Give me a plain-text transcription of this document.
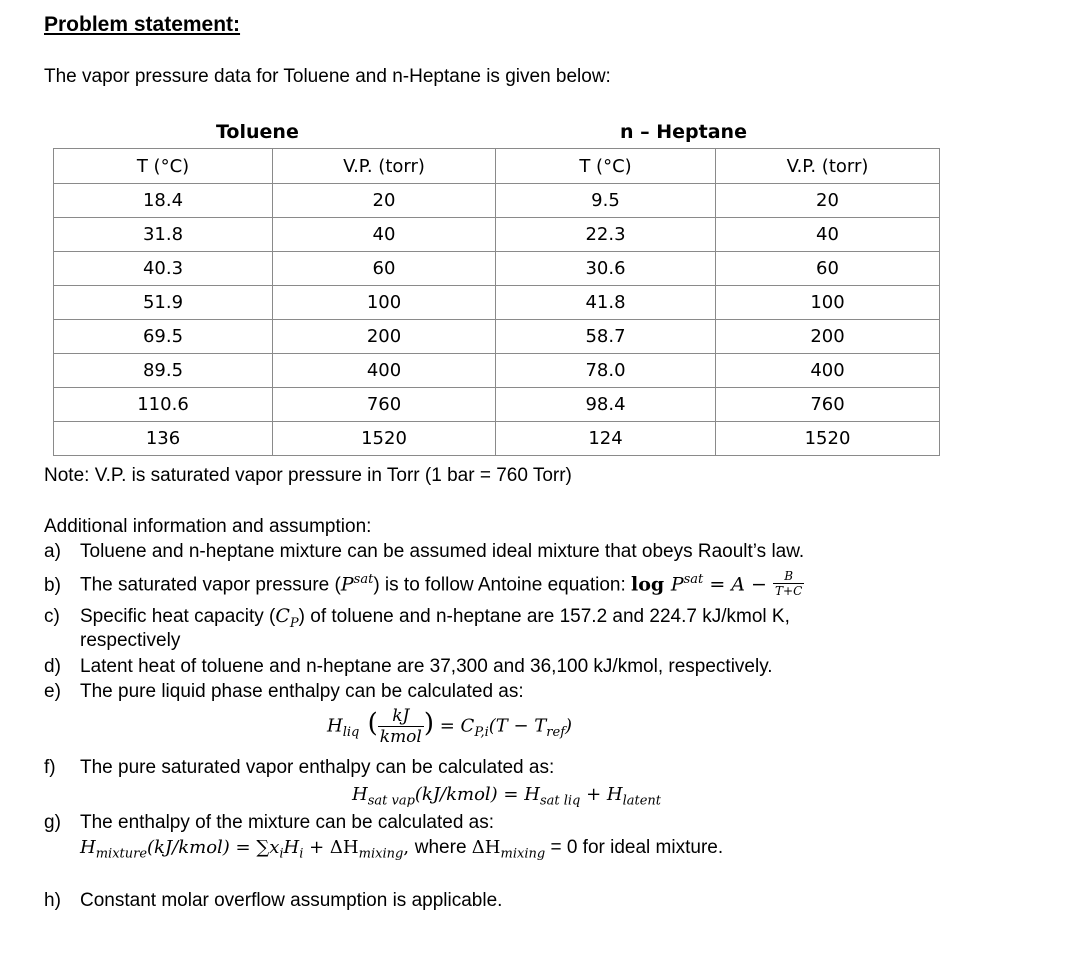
Problem statement:
The vapor pressure data for Toluene and n-Heptane is given below:
Toluene	n – Heptane
T (°C)	V.P. (torr)	T (°C)	V.P. (torr)
18.4	20	9.5	20
31.8	40	22.3	40
40.3	60	30.6	60
51.9	100	41.8	100
69.5	200	58.7	200
89.5	400	78.0	400
110.6	760	98.4	760
136	1520	124	1520
Note: V.P. is saturated vapor pressure in Torr (1 bar = 760 Torr)
Additional information and assumption:
a) Toluene and n-heptane mixture can be assumed ideal mixture that obeys Raoult’s law.
b) The saturated vapor pressure $(P^{sat})$ is to follow Antoine equation: $\log P^{sat} = A - \frac{B}{T+C}$
c) Specific heat capacity $(C_P)$ of toluene and n-heptane are 157.2 and 224.7 kJ/kmol K,
respectively
d) Latent heat of toluene and n-heptane are 37,300 and 36,100 kJ/kmol, respectively.
e) The pure liquid phase enthalpy can be calculated as:
$H_{liq}$ ( $\frac{kJ}{\text{kmol}}$ ) = $C_{P,i}(T - T_{ref})$
f) The pure saturated vapor enthalpy can be calculated as:
$H_{sat vap}(kJ/kmol) = H_{sat liq} + H_{latent}$
g) The enthalpy of the mixture can be calculated as:
$H_{mixture}(kJ/kmol) = \sum x_iH_i + \Delta H_{mixing}$, where $\Delta H_{mixing} = 0$ for ideal mixture.
h) Constant molar overflow assumption is applicable.
